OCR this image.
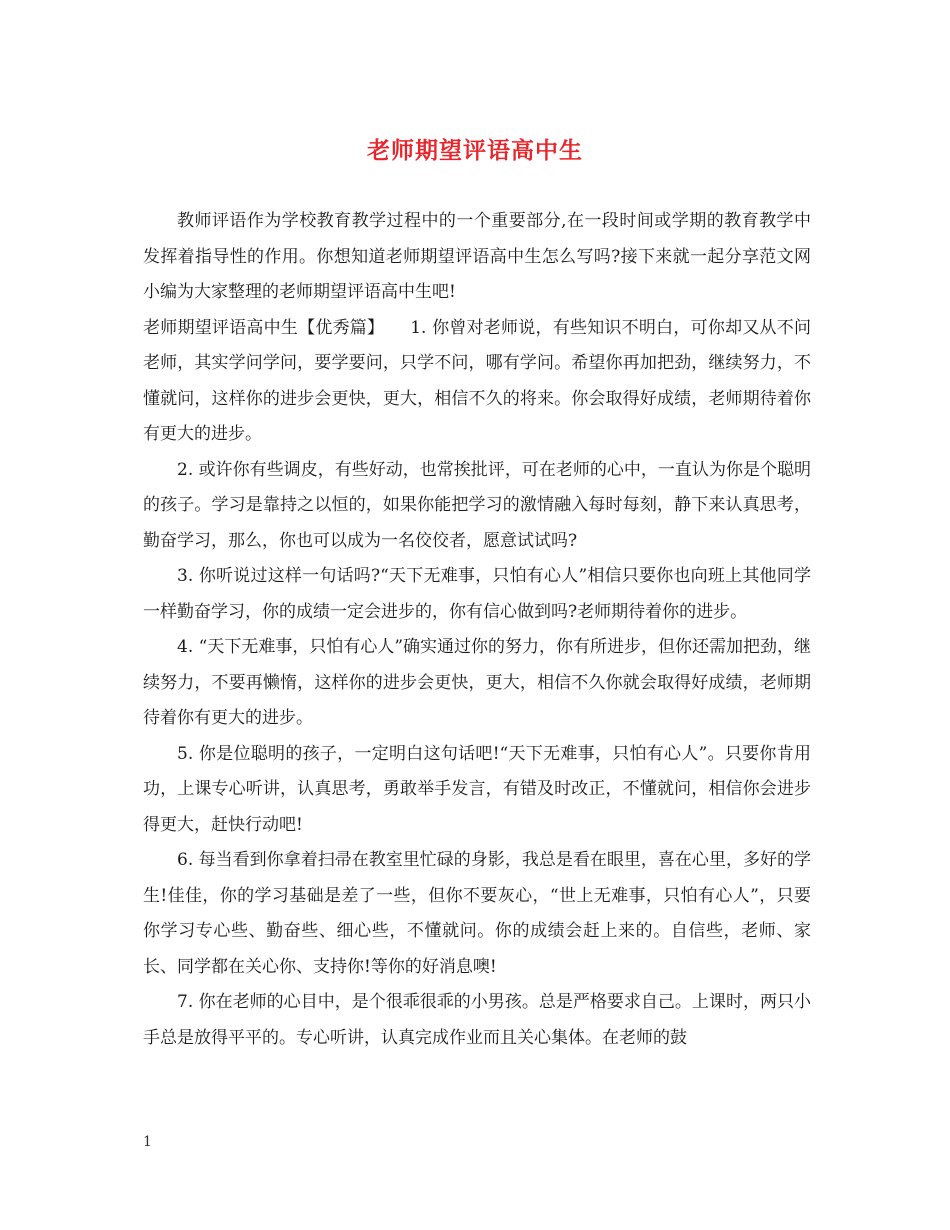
老师期望评语高中生

教师评语作为学校教育教学过程中的一个重要部分,在一段时间或学期的教育教学中发挥着指导性的作用。你想知道老师期望评语高中生怎么写吗?接下来就一起分享范文网小编为大家整理的老师期望评语高中生吧!

老师期望评语高中生【优秀篇】　　1. 你曾对老师说，有些知识不明白，可你却又从不问老师，其实学问学问，要学要问，只学不问，哪有学问。希望你再加把劲，继续努力，不懂就问，这样你的进步会更快，更大，相信不久的将来。你会取得好成绩，老师期待着你有更大的进步。

2. 或许你有些调皮，有些好动，也常挨批评，可在老师的心中，一直认为你是个聪明的孩子。学习是靠持之以恒的，如果你能把学习的激情融入每时每刻，静下来认真思考，勤奋学习，那么，你也可以成为一名佼佼者，愿意试试吗?

3. 你听说过这样一句话吗?“天下无难事，只怕有心人”相信只要你也向班上其他同学一样勤奋学习，你的成绩一定会进步的，你有信心做到吗?老师期待着你的进步。

4. “天下无难事，只怕有心人”确实通过你的努力，你有所进步，但你还需加把劲，继续努力，不要再懒惰，这样你的进步会更快，更大，相信不久你就会取得好成绩，老师期待着你有更大的进步。

5. 你是位聪明的孩子，一定明白这句话吧!“天下无难事，只怕有心人”。只要你肯用功，上课专心听讲，认真思考，勇敢举手发言，有错及时改正，不懂就问，相信你会进步得更大，赶快行动吧!

6. 每当看到你拿着扫帚在教室里忙碌的身影，我总是看在眼里，喜在心里，多好的学生!佳佳，你的学习基础是差了一些，但你不要灰心，“世上无难事，只怕有心人”，只要你学习专心些、勤奋些、细心些，不懂就问。你的成绩会赶上来的。自信些，老师、家长、同学都在关心你、支持你!等你的好消息噢!

7. 你在老师的心目中，是个很乖很乖的小男孩。总是严格要求自己。上课时，两只小手总是放得平平的。专心听讲，认真完成作业而且关心集体。在老师的鼓

1
